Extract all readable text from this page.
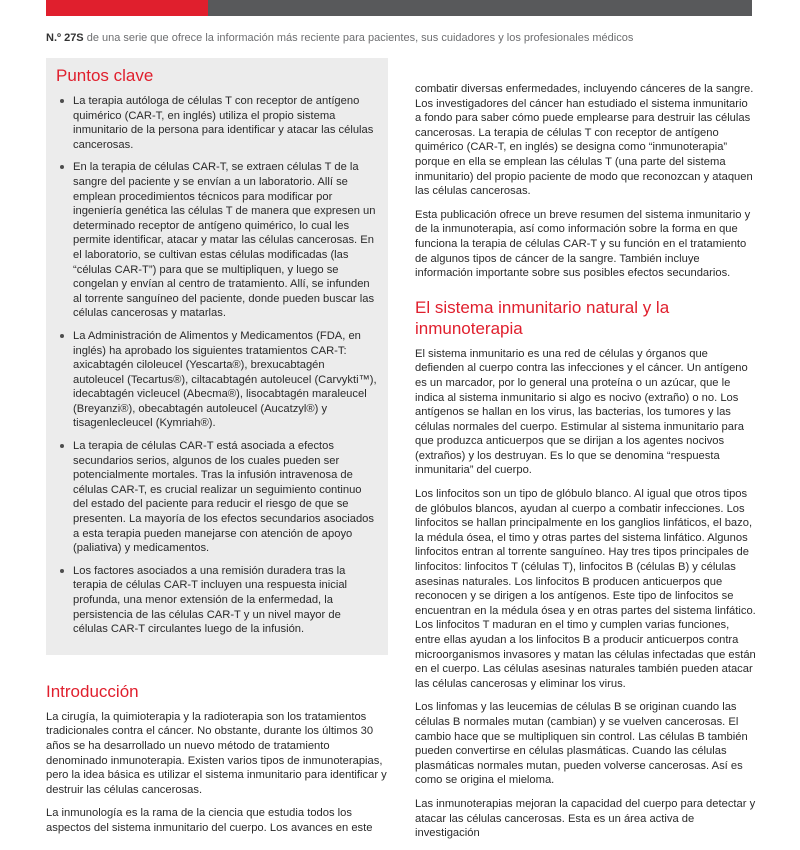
N.º 27S de una serie que ofrece la información más reciente para pacientes, sus cuidadores y los profesionales médicos
Puntos clave
La terapia autóloga de células T con receptor de antígeno quimérico (CAR-T, en inglés) utiliza el propio sistema inmunitario de la persona para identificar y atacar las células cancerosas.
En la terapia de células CAR-T, se extraen células T de la sangre del paciente y se envían a un laboratorio. Allí se emplean procedimientos técnicos para modificar por ingeniería genética las células T de manera que expresen un determinado receptor de antígeno quimérico, lo cual les permite identificar, atacar y matar las células cancerosas. En el laboratorio, se cultivan estas células modificadas (las “células CAR-T”) para que se multipliquen, y luego se congelan y envían al centro de tratamiento. Allí, se infunden al torrente sanguíneo del paciente, donde pueden buscar las células cancerosas y matarlas.
La Administración de Alimentos y Medicamentos (FDA, en inglés) ha aprobado los siguientes tratamientos CAR-T: axicabtagén ciloleucel (Yescarta®), brexucabtagén autoleucel (Tecartus®), ciltacabtagén autoleucel (Carvykti™), idecabtagén vicleucel (Abecma®), lisocabtagén maraleucel (Breyanzi®), obecabtagén autoleucel (Aucatzyl®) y tisagenlecleucel (Kymriah®).
La terapia de células CAR-T está asociada a efectos secundarios serios, algunos de los cuales pueden ser potencialmente mortales. Tras la infusión intravenosa de células CAR-T, es crucial realizar un seguimiento continuo del estado del paciente para reducir el riesgo de que se presenten. La mayoría de los efectos secundarios asociados a esta terapia pueden manejarse con atención de apoyo (paliativa) y medicamentos.
Los factores asociados a una remisión duradera tras la terapia de células CAR-T incluyen una respuesta inicial profunda, una menor extensión de la enfermedad, la persistencia de las células CAR-T y un nivel mayor de células CAR-T circulantes luego de la infusión.
Introducción

La cirugía, la quimioterapia y la radioterapia son los tratamientos tradicionales contra el cáncer. No obstante, durante los últimos 30 años se ha desarrollado un nuevo método de tratamiento denominado inmunoterapia. Existen varios tipos de inmunoterapias, pero la idea básica es utilizar el sistema inmunitario para identificar y destruir las células cancerosas.

La inmunología es la rama de la ciencia que estudia todos los aspectos del sistema inmunitario del cuerpo. Los avances en este

combatir diversas enfermedades, incluyendo cánceres de la sangre. Los investigadores del cáncer han estudiado el sistema inmunitario a fondo para saber cómo puede emplearse para destruir las células cancerosas. La terapia de células T con receptor de antígeno quimérico (CAR-T, en inglés) se designa como “inmunoterapia” porque en ella se emplean las células T (una parte del sistema inmunitario) del propio paciente de modo que reconozcan y ataquen las células cancerosas.

Esta publicación ofrece un breve resumen del sistema inmunitario y de la inmunoterapia, así como información sobre la forma en que funciona la terapia de células CAR-T y su función en el tratamiento de algunos tipos de cáncer de la sangre. También incluye información importante sobre sus posibles efectos secundarios.

El sistema inmunitario natural y la inmunoterapia

El sistema inmunitario es una red de células y órganos que defienden al cuerpo contra las infecciones y el cáncer. Un antígeno es un marcador, por lo general una proteína o un azúcar, que le indica al sistema inmunitario si algo es nocivo (extraño) o no. Los antígenos se hallan en los virus, las bacterias, los tumores y las células normales del cuerpo. Estimular al sistema inmunitario para que produzca anticuerpos que se dirijan a los agentes nocivos (extraños) y los destruyan. Es lo que se denomina “respuesta inmunitaria” del cuerpo.

Los linfocitos son un tipo de glóbulo blanco. Al igual que otros tipos de glóbulos blancos, ayudan al cuerpo a combatir infecciones. Los linfocitos se hallan principalmente en los ganglios linfáticos, el bazo, la médula ósea, el timo y otras partes del sistema linfático. Algunos linfocitos entran al torrente sanguíneo. Hay tres tipos principales de linfocitos: linfocitos T (células T), linfocitos B (células B) y células asesinas naturales. Los linfocitos B producen anticuerpos que reconocen y se dirigen a los antígenos. Este tipo de linfocitos se encuentran en la médula ósea y en otras partes del sistema linfático. Los linfocitos T maduran en el timo y cumplen varias funciones, entre ellas ayudan a los linfocitos B a producir anticuerpos contra microorganismos invasores y matan las células infectadas que están en el cuerpo. Las células asesinas naturales también pueden atacar las células cancerosas y eliminar los virus.

Los linfomas y las leucemias de células B se originan cuando las células B normales mutan (cambian) y se vuelven cancerosas. El cambio hace que se multipliquen sin control. Las células B también pueden convertirse en células plasmáticas. Cuando las células plasmáticas normales mutan, pueden volverse cancerosas. Así es como se origina el mieloma.

Las inmunoterapias mejoran la capacidad del cuerpo para detectar y atacar las células cancerosas. Esta es un área activa de investigación
